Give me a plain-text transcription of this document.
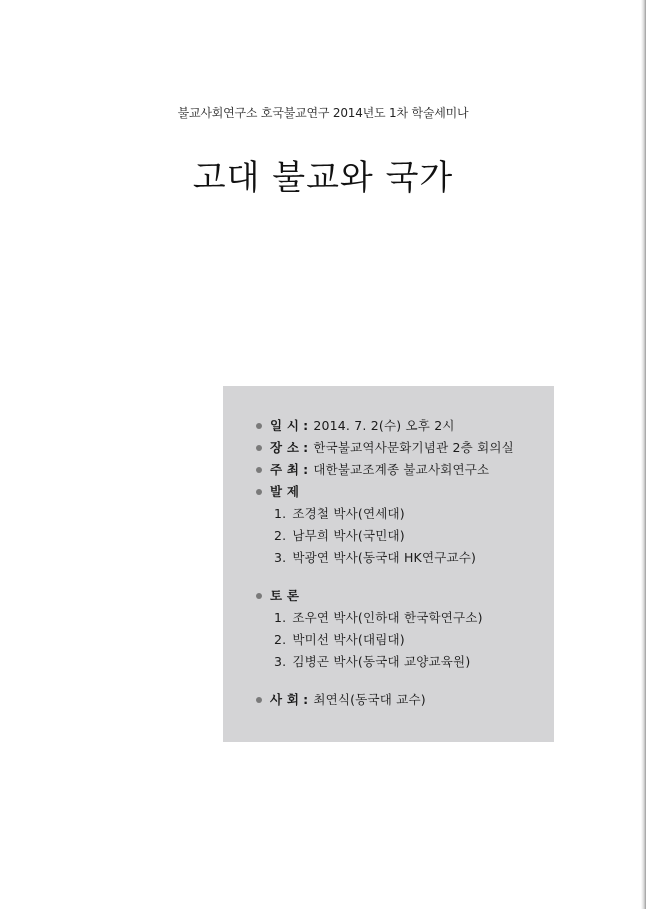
불교사회연구소 호국불교연구 2014년도 1차 학술세미나
고대 불교와 국가
일 시 : 2014. 7. 2(수) 오후 2시
장 소 : 한국불교역사문화기념관 2층 회의실
주 최 : 대한불교조계종 불교사회연구소
발 제
1. 조경철 박사(연세대)
2. 남무희 박사(국민대)
3. 박광연 박사(동국대 HK연구교수)
토 론
1. 조우연 박사(인하대 한국학연구소)
2. 박미선 박사(대림대)
3. 김병곤 박사(동국대 교양교육원)
사 회 : 최연식(동국대 교수)
